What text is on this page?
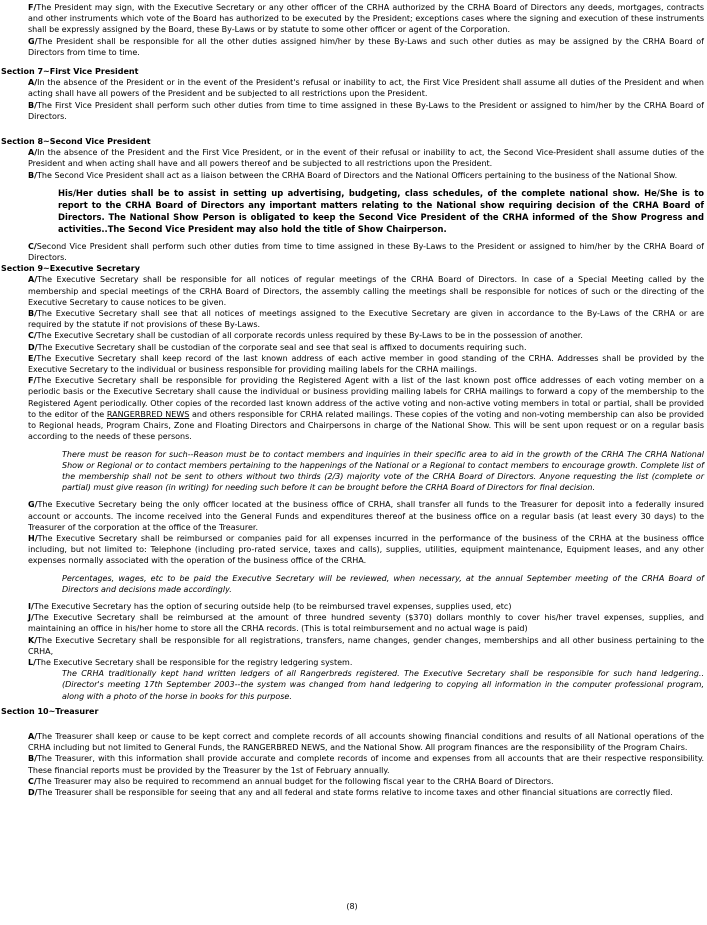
F/The President may sign, with the Executive Secretary or any other officer of the CRHA authorized by the CRHA Board of Directors any deeds, mortgages, contracts and other instruments which vote of the Board has authorized to be executed by the President; exceptions cases where the signing and execution of these instruments shall be expressly assigned by the Board, these By-Laws or by statute to some other officer or agent of the Corporation.
G/The President shall be responsible for all the other duties assigned him/her by these By-Laws and such other duties as may be assigned by the CRHA Board of Directors from time to time.
Section 7~First Vice President
A/In the absence of the President or in the event of the President's refusal or inability to act, the First Vice President shall assume all duties of the President and when acting shall have all powers of the President and be subjected to all restrictions upon the President.
B/The First Vice President shall perform such other duties from time to time assigned in these By-Laws to the President or assigned to him/her by the CRHA Board of Directors.
Section 8~Second Vice President
A/In the absence of the President and the First Vice President, or in the event of their refusal or inability to act, the Second Vice-President shall assume duties of the President and when acting shall have and all powers thereof and be subjected to all restrictions upon the President.
B/The Second Vice President shall act as a liaison between the CRHA Board of Directors and the National Officers pertaining to the business of the National Show.
His/Her duties shall be to assist in setting up advertising, budgeting, class schedules, of the complete national show. He/She is to report to the CRHA Board of Directors any important matters relating to the National show requiring decision of the CRHA Board of Directors. The National Show Person is obligated to keep the Second Vice President of the CRHA informed of the Show Progress and activities..The Second Vice President may also hold the title of Show Chairperson.
C/Second Vice President shall perform such other duties from time to time assigned in these By-Laws to the President or assigned to him/her by the CRHA Board of Directors.
Section 9~Executive Secretary
A/The Executive Secretary shall be responsible for all notices of regular meetings of the CRHA Board of Directors. In case of a Special Meeting called by the membership and special meetings of the CRHA Board of Directors, the assembly calling the meetings shall be responsible for notices of such or the directing of the Executive Secretary to cause notices to be given.
B/The Executive Secretary shall see that all notices of meetings assigned to the Executive Secretary are given in accordance to the By-Laws of the CRHA or are required by the statute if not provisions of these By-Laws.
C/The Executive Secretary shall be custodian of all corporate records unless required by these By-Laws to be in the possession of another.
D/The Executive Secretary shall be custodian of the corporate seal and see that seal is affixed to documents requiring such.
E/The Executive Secretary shall keep record of the last known address of each active member in good standing of the CRHA. Addresses shall be provided by the Executive Secretary to the individual or business responsible for providing mailing labels for the CRHA mailings.
F/The Executive Secretary shall be responsible for providing the Registered Agent with a list of the last known post office addresses of each voting member on a periodic basis or the Executive Secretary shall cause the individual or business providing mailing labels for CRHA mailings to forward a copy of the membership to the Registered Agent periodically. Other copies of the recorded last known address of the active voting and non-active voting members in total or partial, shall be provided to the editor of the RANGERBRED NEWS and others responsible for CRHA related mailings. These copies of the voting and non-voting membership can also be provided to Regional heads, Program Chairs, Zone and Floating Directors and Chairpersons in charge of the National Show. This will be sent upon request or on a regular basis according to the needs of these persons.
There must be reason for such--Reason must be to contact members and inquiries in their specific area to aid in the growth of the CRHA The CRHA National Show or Regional or to contact members pertaining to the happenings of the National or a Regional to contact members to encourage growth. Complete list of the membership shall not be sent to others without two thirds (2/3) majority vote of the CRHA Board of Directors. Anyone requesting the list (complete or partial) must give reason (in writing) for needing such before it can be brought before the CRHA Board of Directors for final decision.
G/The Executive Secretary being the only officer located at the business office of CRHA, shall transfer all funds to the Treasurer for deposit into a federally insured account or accounts. The income received into the General Funds and expenditures thereof at the business office on a regular basis (at least every 30 days) to the Treasurer of the corporation at the office of the Treasurer.
H/The Executive Secretary shall be reimbursed or companies paid for all expenses incurred in the performance of the business of the CRHA at the business office including, but not limited to: Telephone (including pro-rated service, taxes and calls), supplies, utilities, equipment maintenance, Equipment leases, and any other expenses normally associated with the operation of the business office of the CRHA.
Percentages, wages, etc to be paid the Executive Secretary will be reviewed, when necessary, at the annual September meeting of the CRHA Board of Directors and decisions made accordingly.
I/The Executive Secretary has the option of securing outside help (to be reimbursed travel expenses, supplies used, etc)
J/The Executive Secretary shall be reimbursed at the amount of three hundred seventy ($370) dollars monthly to cover his/her travel expenses, supplies, and maintaining an office in his/her home to store all the CRHA records. (This is total reimbursement and no actual wage is paid)
K/The Executive Secretary shall be responsible for all registrations, transfers, name changes, gender changes, memberships and all other business pertaining to the CRHA,
L/The Executive Secretary shall be responsible for the registry ledgering system.
The CRHA traditionally kept hand written ledgers of all Rangerbreds registered. The Executive Secretary shall be responsible for such hand ledgering.. (Director's meeting 17th September 2003--the system was changed from hand ledgering to copying all information in the computer professional program, along with a photo of the horse in books for this purpose.
Section 10~Treasurer
A/The Treasurer shall keep or cause to be kept correct and complete records of all accounts showing financial conditions and results of all National operations of the CRHA including but not limited to General Funds, the RANGERBRED NEWS, and the National Show. All program finances are the responsibility of the Program Chairs.
B/The Treasurer, with this information shall provide accurate and complete records of income and expenses from all accounts that are their respective responsibility. These financial reports must be provided by the Treasurer by the 1st of February annually.
C/The Treasurer may also be required to recommend an annual budget for the following fiscal year to the CRHA Board of Directors.
D/The Treasurer shall be responsible for seeing that any and all federal and state forms relative to income taxes and other financial situations are correctly filed.
(8)
